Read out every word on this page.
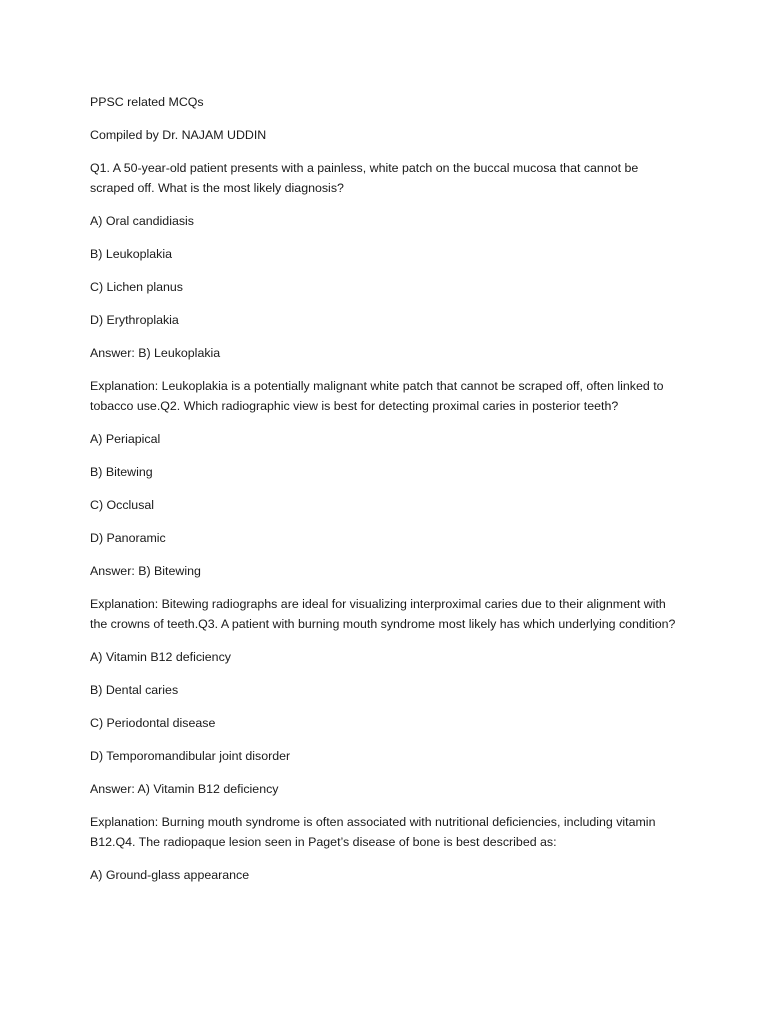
PPSC related MCQs

Compiled by Dr. NAJAM UDDIN

Q1. A 50-year-old patient presents with a painless, white patch on the buccal mucosa that cannot be scraped off. What is the most likely diagnosis?

A) Oral candidiasis

B) Leukoplakia

C) Lichen planus

D) Erythroplakia

Answer: B) Leukoplakia

Explanation: Leukoplakia is a potentially malignant white patch that cannot be scraped off, often linked to tobacco use.Q2. Which radiographic view is best for detecting proximal caries in posterior teeth?

A) Periapical

B) Bitewing

C) Occlusal

D) Panoramic

Answer: B) Bitewing

Explanation: Bitewing radiographs are ideal for visualizing interproximal caries due to their alignment with the crowns of teeth.Q3. A patient with burning mouth syndrome most likely has which underlying condition?

A) Vitamin B12 deficiency

B) Dental caries

C) Periodontal disease

D) Temporomandibular joint disorder

Answer: A) Vitamin B12 deficiency

Explanation: Burning mouth syndrome is often associated with nutritional deficiencies, including vitamin B12.Q4. The radiopaque lesion seen in Paget’s disease of bone is best described as:

A) Ground-glass appearance
